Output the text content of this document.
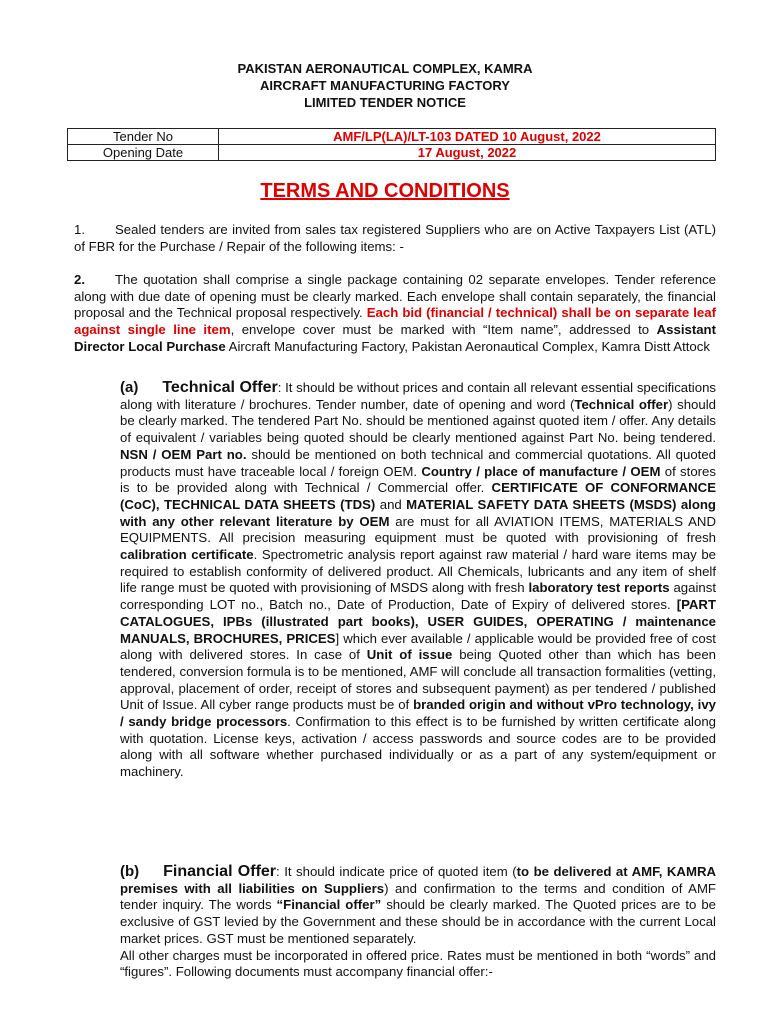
PAKISTAN AERONAUTICAL COMPLEX, KAMRA
AIRCRAFT MANUFACTURING FACTORY
LIMITED TENDER NOTICE
Tender No	AMF/LP(LA)/LT-103 DATED 10 August, 2022
Opening Date	17 August, 2022
TERMS AND CONDITIONS
1. Sealed tenders are invited from sales tax registered Suppliers who are on Active Taxpayers List (ATL) of FBR for the Purchase / Repair of the following items: -
2. The quotation shall comprise a single package containing 02 separate envelopes. Tender reference along with due date of opening must be clearly marked. Each envelope shall contain separately, the financial proposal and the Technical proposal respectively. Each bid (financial / technical) shall be on separate leaf against single line item, envelope cover must be marked with “Item name”, addressed to Assistant Director Local Purchase Aircraft Manufacturing Factory, Pakistan Aeronautical Complex, Kamra Distt Attock
(a) Technical Offer: It should be without prices and contain all relevant essential specifications along with literature / brochures. Tender number, date of opening and word (Technical offer) should be clearly marked. The tendered Part No. should be mentioned against quoted item / offer. Any details of equivalent / variables being quoted should be clearly mentioned against Part No. being tendered. NSN / OEM Part no. should be mentioned on both technical and commercial quotations. All quoted products must have traceable local / foreign OEM. Country / place of manufacture / OEM of stores is to be provided along with Technical / Commercial offer. CERTIFICATE OF CONFORMANCE (CoC), TECHNICAL DATA SHEETS (TDS) and MATERIAL SAFETY DATA SHEETS (MSDS) along with any other relevant literature by OEM are must for all AVIATION ITEMS, MATERIALS AND EQUIPMENTS. All precision measuring equipment must be quoted with provisioning of fresh calibration certificate. Spectrometric analysis report against raw material / hard ware items may be required to establish conformity of delivered product. All Chemicals, lubricants and any item of shelf life range must be quoted with provisioning of MSDS along with fresh laboratory test reports against corresponding LOT no., Batch no., Date of Production, Date of Expiry of delivered stores. [PART CATALOGUES, IPBs (illustrated part books), USER GUIDES, OPERATING / maintenance MANUALS, BROCHURES, PRICES] which ever available / applicable would be provided free of cost along with delivered stores. In case of Unit of issue being Quoted other than which has been tendered, conversion formula is to be mentioned, AMF will conclude all transaction formalities (vetting, approval, placement of order, receipt of stores and subsequent payment) as per tendered / published Unit of Issue. All cyber range products must be of branded origin and without vPro technology, ivy / sandy bridge processors. Confirmation to this effect is to be furnished by written certificate along with quotation. License keys, activation / access passwords and source codes are to be provided along with all software whether purchased individually or as a part of any system/equipment or machinery.
(b) Financial Offer: It should indicate price of quoted item (to be delivered at AMF, KAMRA premises with all liabilities on Suppliers) and confirmation to the terms and condition of AMF tender inquiry. The words “Financial offer” should be clearly marked. The Quoted prices are to be exclusive of GST levied by the Government and these should be in accordance with the current Local market prices. GST must be mentioned separately.
All other charges must be incorporated in offered price. Rates must be mentioned in both “words” and “figures”. Following documents must accompany financial offer:-
